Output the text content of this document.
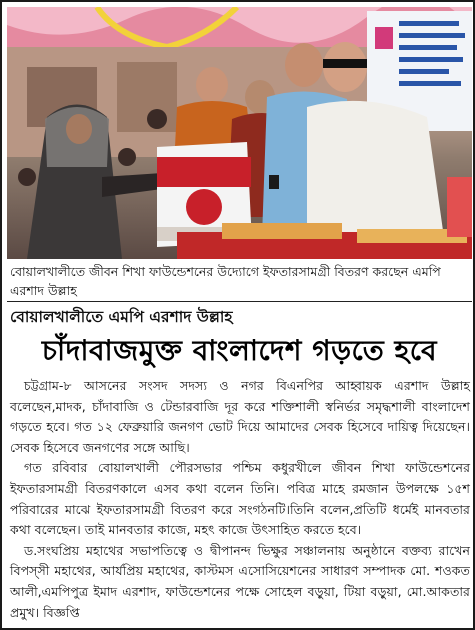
বোয়ালখালীতে জীবন শিখা ফাউন্ডেশনের উদ্যোগে ইফতারসামগ্রী বিতরণ করছেন এমপি এরশাদ উল্লাহ
বোয়ালখালীতে এমপি এরশাদ উল্লাহ
চাঁদাবাজমুক্ত বাংলাদেশ গড়তে হবে

চট্টগ্রাম-৮ আসনের সংসদ সদস্য ও নগর বিএনপির আহ্বায়ক এরশাদ উল্লাহ বলেছেন,মাদক, চাঁদাবাজি ও টেন্ডারবাজি দূর করে শক্তিশালী স্বনির্ভর সমৃদ্ধশালী বাংলাদেশ গড়তে হবে। গত ১২ ফেব্রুয়ারি জনগণ ভোট দিয়ে আমাদের সেবক হিসেবে দায়িত্ব দিয়েছেন। সেবক হিসেবে জনগণের সঙ্গে আছি।

গত রবিবার বোয়ালখালী পৌরসভার পশ্চিম কধুরখীলে জীবন শিখা ফাউন্ডেশনের ইফতারসামগ্রী বিতরণকালে এসব কথা বলেন তিনি। পবিত্র মাহে রমজান উপলক্ষে ১৫শ পরিবারের মাঝে ইফতারসামগ্রী বিতরণ করে সংগঠনটি।তিনি বলেন,প্রতিটি ধর্মেই মানবতার কথা বলেছেন। তাই মানবতার কাজে, মহৎ কাজে উৎসাহিত করতে হবে।

ড.সংঘপ্রিয় মহাথের সভাপতিত্বে ও দ্বীপানন্দ ভিক্ষুর সঞ্চালনায় অনুষ্ঠানে বক্তব্য রাখেন বিপস্সী মহাথের, আর্যপ্রিয় মহাথের, কাস্টমস এসোসিয়েশনের সাধারণ সম্পাদক মো. শওকত আলী,এমপিপুত্র ইমাদ এরশাদ, ফাউন্ডেশনের পক্ষে সোহেল বড়ুয়া, টিয়া বড়ুয়া, মো.আকতার প্রমুখ। বিজ্ঞপ্তি
